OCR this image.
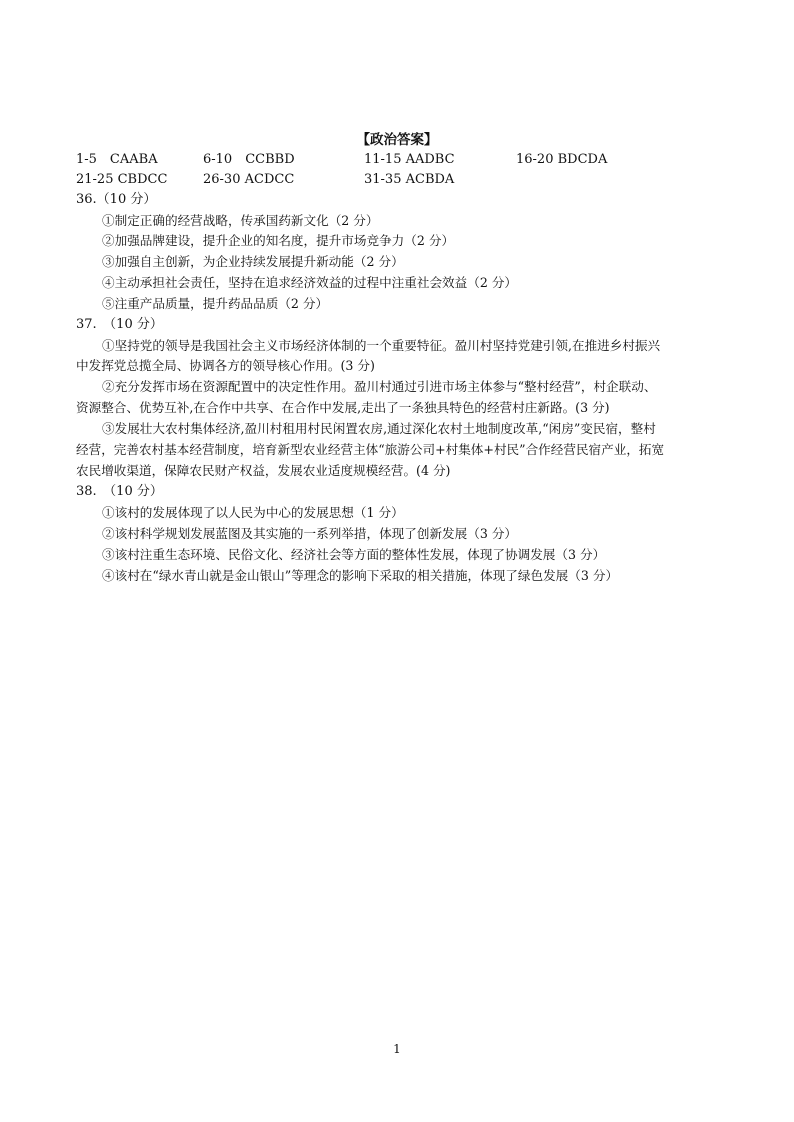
【政治答案】
1-5　CAABA	6-10　CCBBD	11-15 AADBC	16-20 BDCDA
21-25 CBDCC	26-30 ACDCC	31-35 ACBDA
36.（10 分）
①制定正确的经营战略，传承国药新文化（2 分）
②加强品牌建设，提升企业的知名度，提升市场竞争力（2 分）
③加强自主创新，为企业持续发展提升新动能（2 分）
④主动承担社会责任，坚持在追求经济效益的过程中注重社会效益（2 分）
⑤注重产品质量，提升药品品质（2 分）
37.　（10 分）
①坚持党的领导是我国社会主义市场经济体制的一个重要特征。盈川村坚持党建引领,在推进乡村振兴
中发挥党总揽全局、协调各方的领导核心作用。(3 分)
②充分发挥市场在资源配置中的决定性作用。盈川村通过引进市场主体参与“整村经营”，村企联动、
资源整合、优势互补,在合作中共享、在合作中发展,走出了一条独具特色的经营村庄新路。(3 分)
③发展壮大农村集体经济,盈川村租用村民闲置农房,通过深化农村土地制度改革,“闲房”变民宿，整村
经营，完善农村基本经营制度，培育新型农业经营主体“旅游公司+村集体+村民”合作经营民宿产业，拓宽
农民增收渠道，保障农民财产权益，发展农业适度规模经营。(4 分)
38.　（10 分）
①该村的发展体现了以人民为中心的发展思想（1 分）
②该村科学规划发展蓝图及其实施的一系列举措，体现了创新发展（3 分）
③该村注重生态环境、民俗文化、经济社会等方面的整体性发展，体现了协调发展（3 分）
④该村在“绿水青山就是金山银山”等理念的影响下采取的相关措施，体现了绿色发展（3 分）
1
